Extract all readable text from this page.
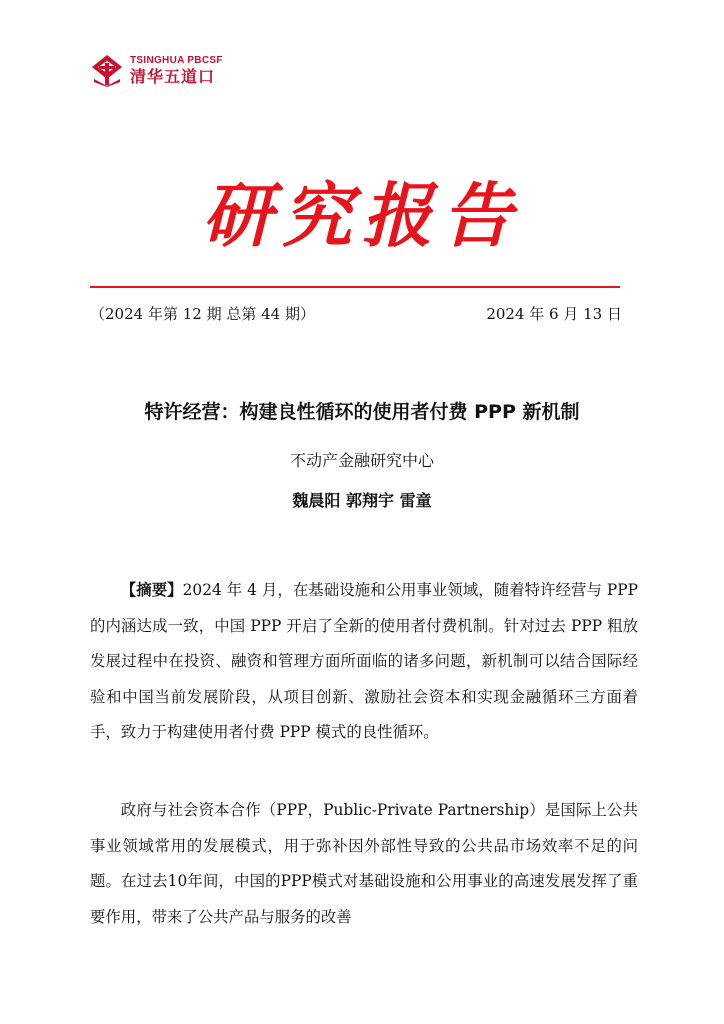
TSINGHUA PBCSF
清华五道口
研究报告
（2024 年第 12 期 总第 44 期）	2024 年 6 月 13 日
特许经营：构建良性循环的使用者付费 PPP 新机制
不动产金融研究中心
魏晨阳 郭翔宇 雷童

【摘要】2024 年 4 月，在基础设施和公用事业领域，随着特许经营与 PPP 的内涵达成一致，中国 PPP 开启了全新的使用者付费机制。针对过去 PPP 粗放发展过程中在投资、融资和管理方面所面临的诸多问题，新机制可以结合国际经验和中国当前发展阶段，从项目创新、激励社会资本和实现金融循环三方面着手，致力于构建使用者付费 PPP 模式的良性循环。

政府与社会资本合作（PPP，Public-Private Partnership）是国际上公共事业领域常用的发展模式，用于弥补因外部性导致的公共品市场效率不足的问题。在过去10年间，中国的PPP模式对基础设施和公用事业的高速发展发挥了重要作用，带来了公共产品与服务的改善
